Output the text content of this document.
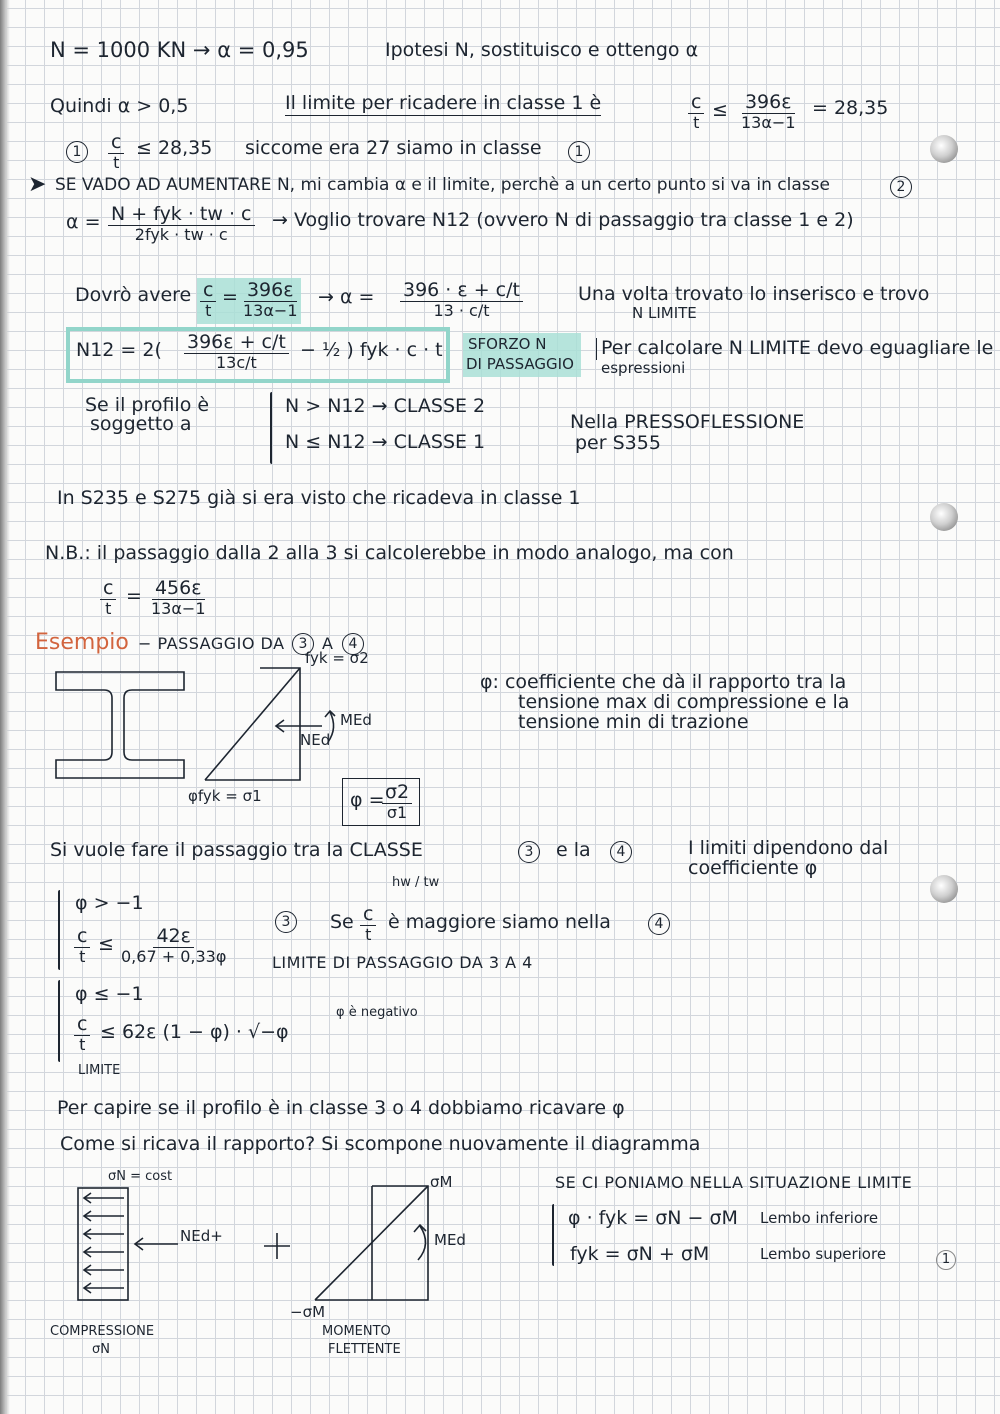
N = 1000 KN → α = 0,95	Ipotesi N, sostituisco e ottengo α
Quindi α > 0,5	Il limite per ricadere in classe 1 è	c
t
≤ 396ε
13α−1
= 28,35
1	c
t
≤ 28,35 siccome era 27 siamo in classe	1
➤ SE VADO AD AUMENTARE N, mi cambia α e il limite, perchè a un certo punto si va in classe	2
α = N + fyk · tw · c
2fyk · tw · c
→ Voglio trovare N12 (ovvero N di passaggio tra classe 1 e 2)
Dovrò avere c
t
= 396ε
13α−1
→ α = 396 · ε + c/t
13 · c/t
Una volta trovato lo inserisco e trovo
N LIMITE
N12 = 2( 396ε + c/t
13c/t
− ½ ) fyk · c · t SFORZO N
DI PASSAGGIO
Per calcolare N LIMITE devo eguagliare le
espressioni
Se il profilo è
soggetto a
N > N12 → CLASSE 2
N ≤ N12 → CLASSE 1
Nella PRESSOFLESSIONE
per S355
In S235 e S275 già si era visto che ricadeva in classe 1
N.B.: il passaggio dalla 2 alla 3 si calcolerebbe in modo analogo, ma con
c
t
= 456ε
13α−1
Esempio − PASSAGGIO DA	3 A	4
fyk = σ2
NEd
MEd
φfyk = σ1	φ = σ2
σ1
φ: coefficiente che dà il rapporto tra la
tensione max di compressione e la
tensione min di trazione
Si vuole fare il passaggio tra la CLASSE	3	e la	4	I limiti dipendono dal
coefficiente φ
hw / tw
φ > −1
c
t
≤ 42ε
0,67 + 0,33φ
3	Se c
t
è maggiore siamo nella	4
LIMITE DI PASSAGGIO DA 3 A 4
φ ≤ −1
c
t
≤ 62ε (1 − φ) · √−φ
φ è negativo
LIMITE
Per capire se il profilo è in classe 3 o 4 dobbiamo ricavare φ
Come si ricava il rapporto? Si scompone nuovamente il diagramma
σN = cost
NEd+
σM
MEd
−σM
COMPRESSIONE
σN
MOMENTO
FLETTENTE
SE CI PONIAMO NELLA SITUAZIONE LIMITE
φ · fyk = σN − σM Lembo inferiore
fyk = σN + σM	Lembo superiore	1
